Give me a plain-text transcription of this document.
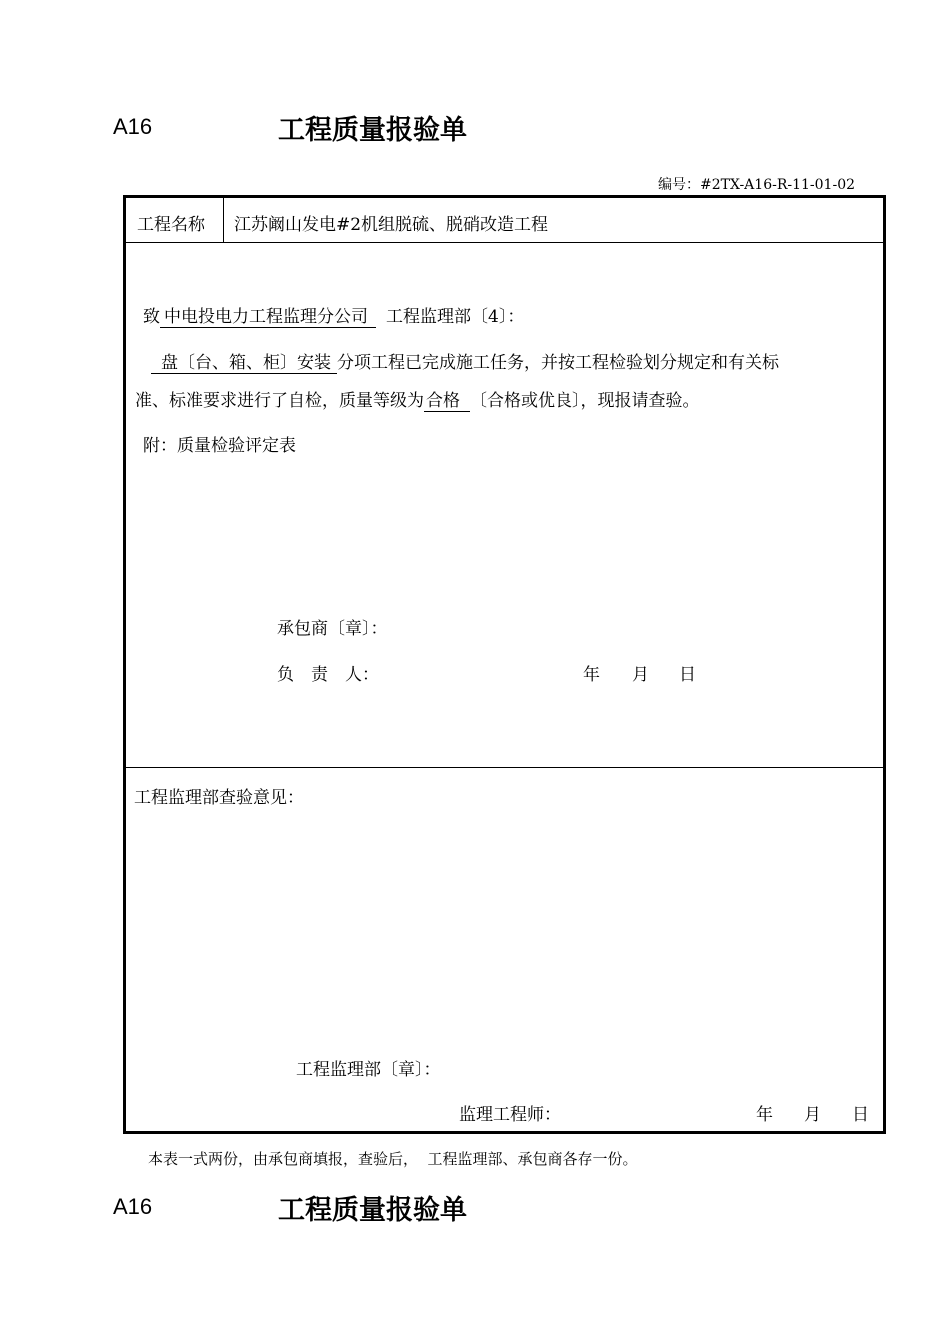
A16	工程质量报验单
编号：#2TX-A16-R-11-01-02
工程名称 江苏阚山发电#2机组脱硫、脱硝改造工程
致 中电投电力工程监理分公司 工程监理部〔4〕：
盘〔台、箱、柜〕安装 分项工程已完成施工任务，并按工程检验划分规定和有关标
准、标准要求进行了自检，质量等级为 合格 〔合格或优良〕，现报请查验。
附：质量检验评定表
承包商〔章〕：
负　责　人：	年 月 日
工程监理部查验意见：
工程监理部〔章〕：
监理工程师：	年 月 日
本表一式两份，由承包商填报，查验后，  工程监理部、承包商各存一份。
A16	工程质量报验单
